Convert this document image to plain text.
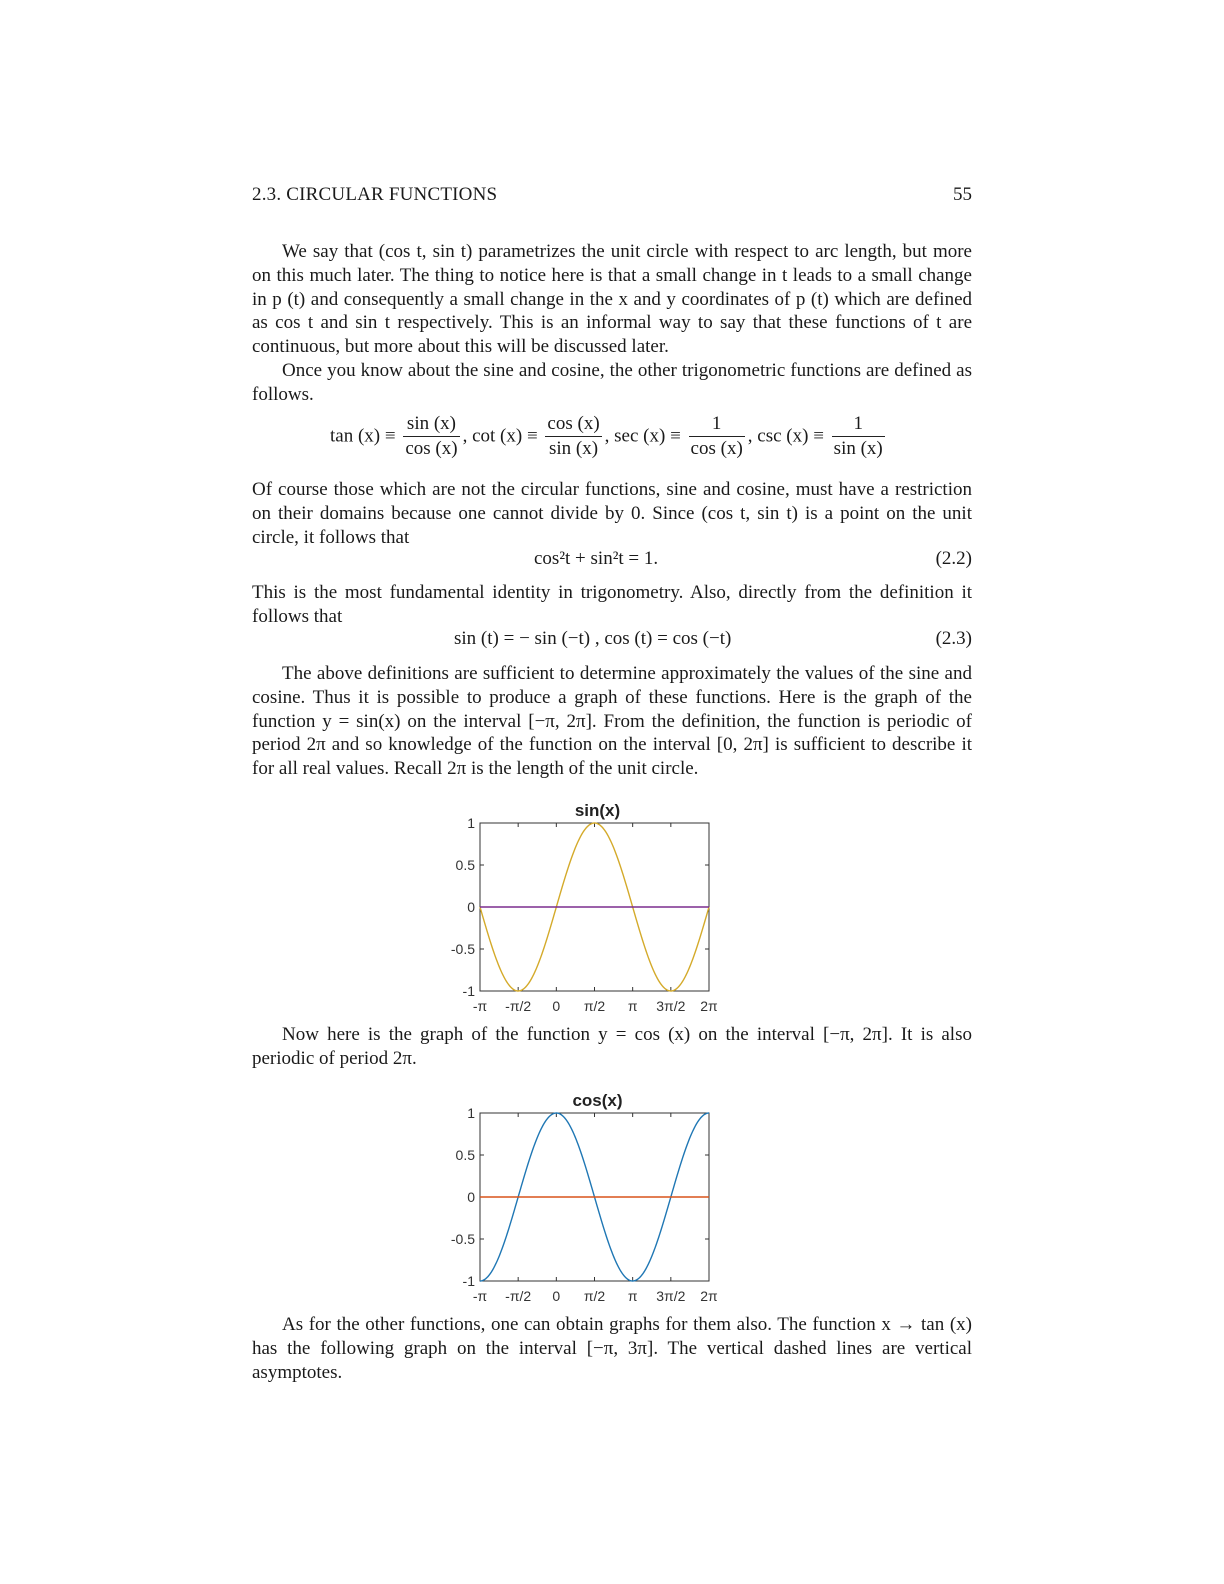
2.3. CIRCULAR FUNCTIONS	55
We say that (cos t, sin t) parametrizes the unit circle with respect to arc length, but more on this much later. The thing to notice here is that a small change in t leads to a small change in p (t) and consequently a small change in the x and y coordinates of p (t) which are defined as cos t and sin t respectively. This is an informal way to say that these functions of t are continuous, but more about this will be discussed later.
Once you know about the sine and cosine, the other trigonometric functions are defined as follows.
$\tan (x) \equiv \frac{\sin (x)}{\cos (x)}$ , $\cot (x) \equiv \frac{\cos (x)}{\sin (x)}$ , $\sec (x) \equiv \frac{1}{\cos (x)}$ , $\csc (x) \equiv \frac{1}{\sin (x)}$
Of course those which are not the circular functions, sine and cosine, must have a restriction on their domains because one cannot divide by 0. Since (cos t, sin t) is a point on the unit circle, it follows that
cos²t + sin²t = 1.	(2.2)
This is the most fundamental identity in trigonometry. Also, directly from the definition it follows that
sin (t) = − sin (−t) , cos (t) = cos (−t)	(2.3)
The above definitions are sufficient to determine approximately the values of the sine and cosine. Thus it is possible to produce a graph of these functions. Here is the graph of the function y = sin(x) on the interval [−π, 2π]. From the definition, the function is periodic of period 2π and so knowledge of the function on the interval [0, 2π] is sufficient to describe it for all real values. Recall 2π is the length of the unit circle.
sin(x)
1
0.5
0
-0.5
-1
-π -π/2 0 π/2 π 3π/2 2π
Now here is the graph of the function y = cos (x) on the interval [−π, 2π]. It is also periodic of period 2π.
cos(x)
1
0.5
0
-0.5
-1
-π -π/2 0 π/2 π 3π/2 2π
As for the other functions, one can obtain graphs for them also. The function x → tan (x) has the following graph on the interval [−π, 3π]. The vertical dashed lines are vertical asymptotes.
